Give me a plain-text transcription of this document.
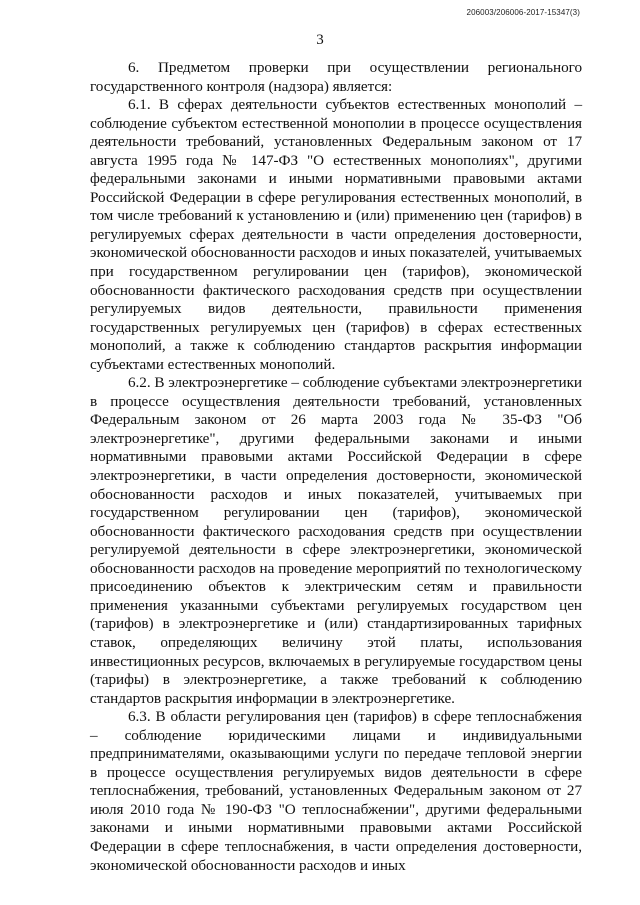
206003/206006-2017-15347(3)
3

6. Предметом проверки при осуществлении регионального государственного контроля (надзора) является:

6.1. В сферах деятельности субъектов естественных монополий – соблюдение субъектом естественной монополии в процессе осуществления деятельности требований, установленных Федеральным законом от 17 августа 1995 года № 147-ФЗ "О естественных монополиях", другими федеральными законами и иными нормативными правовыми актами Российской Федерации в сфере регулирования естественных монополий, в том числе требований к установлению и (или) применению цен (тарифов) в регулируемых сферах деятельности в части определения достоверности, экономической обоснованности расходов и иных показателей, учитываемых при государственном регулировании цен (тарифов), экономической обоснованности фактического расходования средств при осуществлении регулируемых видов деятельности, правильности применения государственных регулируемых цен (тарифов) в сферах естественных монополий, а также к соблюдению стандартов раскрытия информации субъектами естественных монополий.

6.2. В электроэнергетике – соблюдение субъектами электроэнергетики в процессе осуществления деятельности требований, установленных Федеральным законом от 26 марта 2003 года № 35-ФЗ "Об электроэнергетике", другими федеральными законами и иными нормативными правовыми актами Российской Федерации в сфере электроэнергетики, в части определения достоверности, экономической обоснованности расходов и иных показателей, учитываемых при государственном регулировании цен (тарифов), экономической обоснованности фактического расходования средств при осуществлении регулируемой деятельности в сфере электроэнергетики, экономической обоснованности расходов на проведение мероприятий по технологическому присоединению объектов к электрическим сетям и правильности применения указанными субъектами регулируемых государством цен (тарифов) в электроэнергетике и (или) стандартизированных тарифных ставок, определяющих величину этой платы, использования инвестиционных ресурсов, включаемых в регулируемые государством цены (тарифы) в электроэнергетике, а также требований к соблюдению стандартов раскрытия информации в электроэнергетике.

6.3. В области регулирования цен (тарифов) в сфере теплоснабжения – соблюдение юридическими лицами и индивидуальными предпринимателями, оказывающими услуги по передаче тепловой энергии в процессе осуществления регулируемых видов деятельности в сфере теплоснабжения, требований, установленных Федеральным законом от 27 июля 2010 года № 190-ФЗ "О теплоснабжении", другими федеральными законами и иными нормативными правовыми актами Российской Федерации в сфере теплоснабжения, в части определения достоверности, экономической обоснованности расходов и иных
